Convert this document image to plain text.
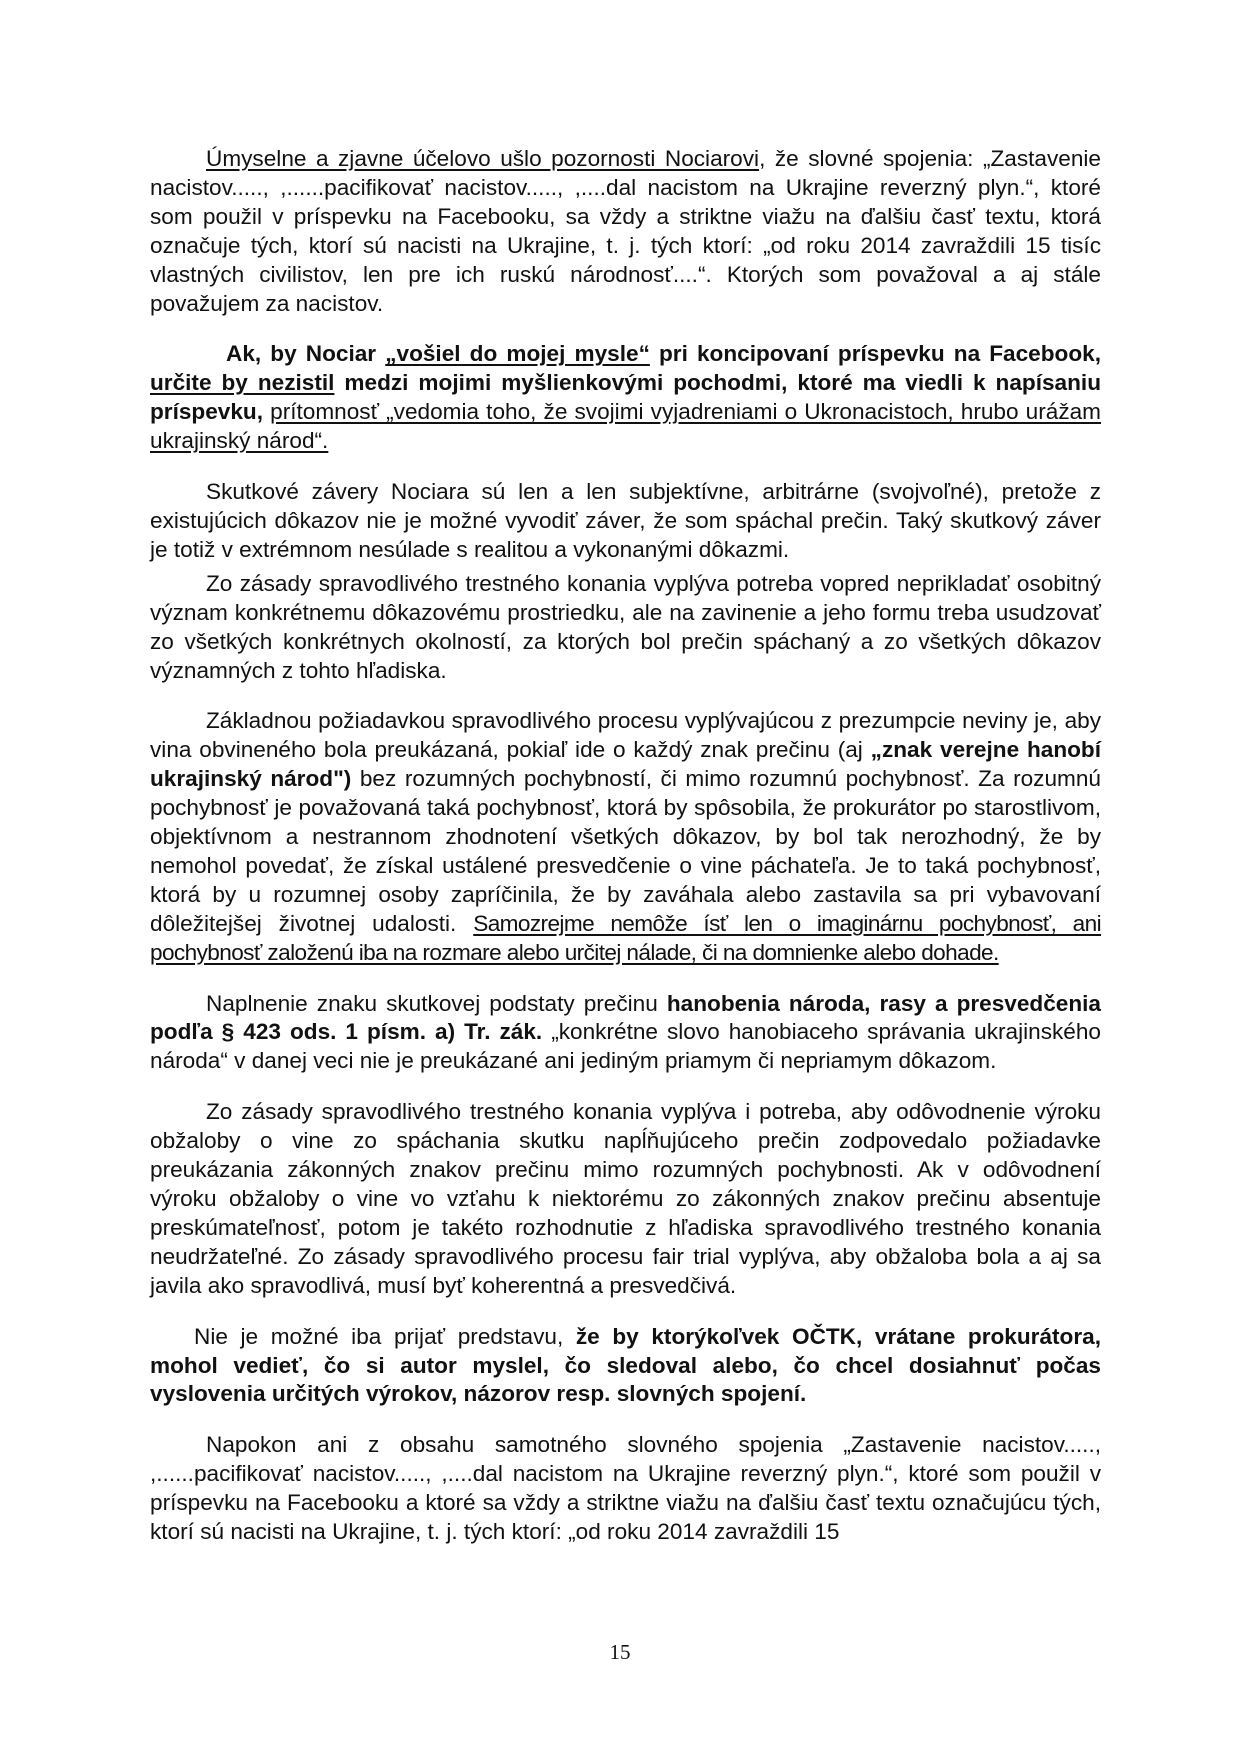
Úmyselne a zjavne účelovo ušlo pozornosti Nociarovi, že slovné spojenia: „Zastavenie nacistov....., ,......pacifikovať nacistov....., ,....dal nacistom na Ukrajine reverzný plyn.“, ktoré som použil v príspevku na Facebooku, sa vždy a striktne viažu na ďalšiu časť textu, ktorá označuje tých, ktorí sú nacisti na Ukrajine, t. j. tých ktorí: „od roku 2014 zavraždili 15 tisíc vlastných civilistov, len pre ich ruskú národnosť....“. Ktorých som považoval a aj stále považujem za nacistov.

Ak, by Nociar „vošiel do mojej mysle“ pri koncipovaní príspevku na Facebook, určite by nezistil medzi mojimi myšlienkovými pochodmi, ktoré ma viedli k napísaniu príspevku, prítomnosť „vedomia toho, že svojimi vyjadreniami o Ukronacistoch, hrubo urážam ukrajinský národ“.

Skutkové závery Nociara sú len a len subjektívne, arbitrárne (svojvoľné), pretože z existujúcich dôkazov nie je možné vyvodiť záver, že som spáchal prečin. Taký skutkový záver je totiž v extrémnom nesúlade s realitou a vykonanými dôkazmi.

Zo zásady spravodlivého trestného konania vyplýva potreba vopred neprikladať osobitný význam konkrétnemu dôkazovému prostriedku, ale na zavinenie a jeho formu treba usudzovať zo všetkých konkrétnych okolností, za ktorých bol prečin spáchaný a zo všetkých dôkazov významných z tohto hľadiska.

Základnou požiadavkou spravodlivého procesu vyplývajúcou z prezumpcie neviny je, aby vina obvineného bola preukázaná, pokiaľ ide o každý znak prečinu (aj „znak verejne hanobí ukrajinský národ") bez rozumných pochybností, či mimo rozumnú pochybnosť. Za rozumnú pochybnosť je považovaná taká pochybnosť, ktorá by spôsobila, že prokurátor po starostlivom, objektívnom a nestrannom zhodnotení všetkých dôkazov, by bol tak nerozhodný, že by nemohol povedať, že získal ustálené presvedčenie o vine páchateľa. Je to taká pochybnosť, ktorá by u rozumnej osoby zapríčinila, že by zaváhala alebo zastavila sa pri vybavovaní dôležitejšej životnej udalosti. Samozrejme nemôže ísť len o imaginárnu pochybnosť, ani pochybnosť založenú iba na rozmare alebo určitej nálade, či na domnienke alebo dohade.

Naplnenie znaku skutkovej podstaty prečinu hanobenia národa, rasy a presvedčenia podľa § 423 ods. 1 písm. a) Tr. zák. „konkrétne slovo hanobiaceho správania ukrajinského národa“ v danej veci nie je preukázané ani jediným priamym či nepriamym dôkazom.

Zo zásady spravodlivého trestného konania vyplýva i potreba, aby odôvodnenie výroku obžaloby o vine zo spáchania skutku napĺňujúceho prečin zodpovedalo požiadavke preukázania zákonných znakov prečinu mimo rozumných pochybnosti. Ak v odôvodnení výroku obžaloby o vine vo vzťahu k niektorému zo zákonných znakov prečinu absentuje preskúmateľnosť, potom je takéto rozhodnutie z hľadiska spravodlivého trestného konania neudržateľné. Zo zásady spravodlivého procesu fair trial vyplýva, aby obžaloba bola a aj sa javila ako spravodlivá, musí byť koherentná a presvedčivá.

Nie je možné iba prijať predstavu, že by ktorýkoľvek OČTK, vrátane prokurátora, mohol vedieť, čo si autor myslel, čo sledoval alebo, čo chcel dosiahnuť počas vyslovenia určitých výrokov, názorov resp. slovných spojení.

Napokon ani z obsahu samotného slovného spojenia „Zastavenie nacistov....., ,......pacifikovať nacistov....., ,....dal nacistom na Ukrajine reverzný plyn.“, ktoré som použil v príspevku na Facebooku a ktoré sa vždy a striktne viažu na ďalšiu časť textu označujúcu tých, ktorí sú nacisti na Ukrajine, t. j. tých ktorí: „od roku 2014 zavraždili 15

15
